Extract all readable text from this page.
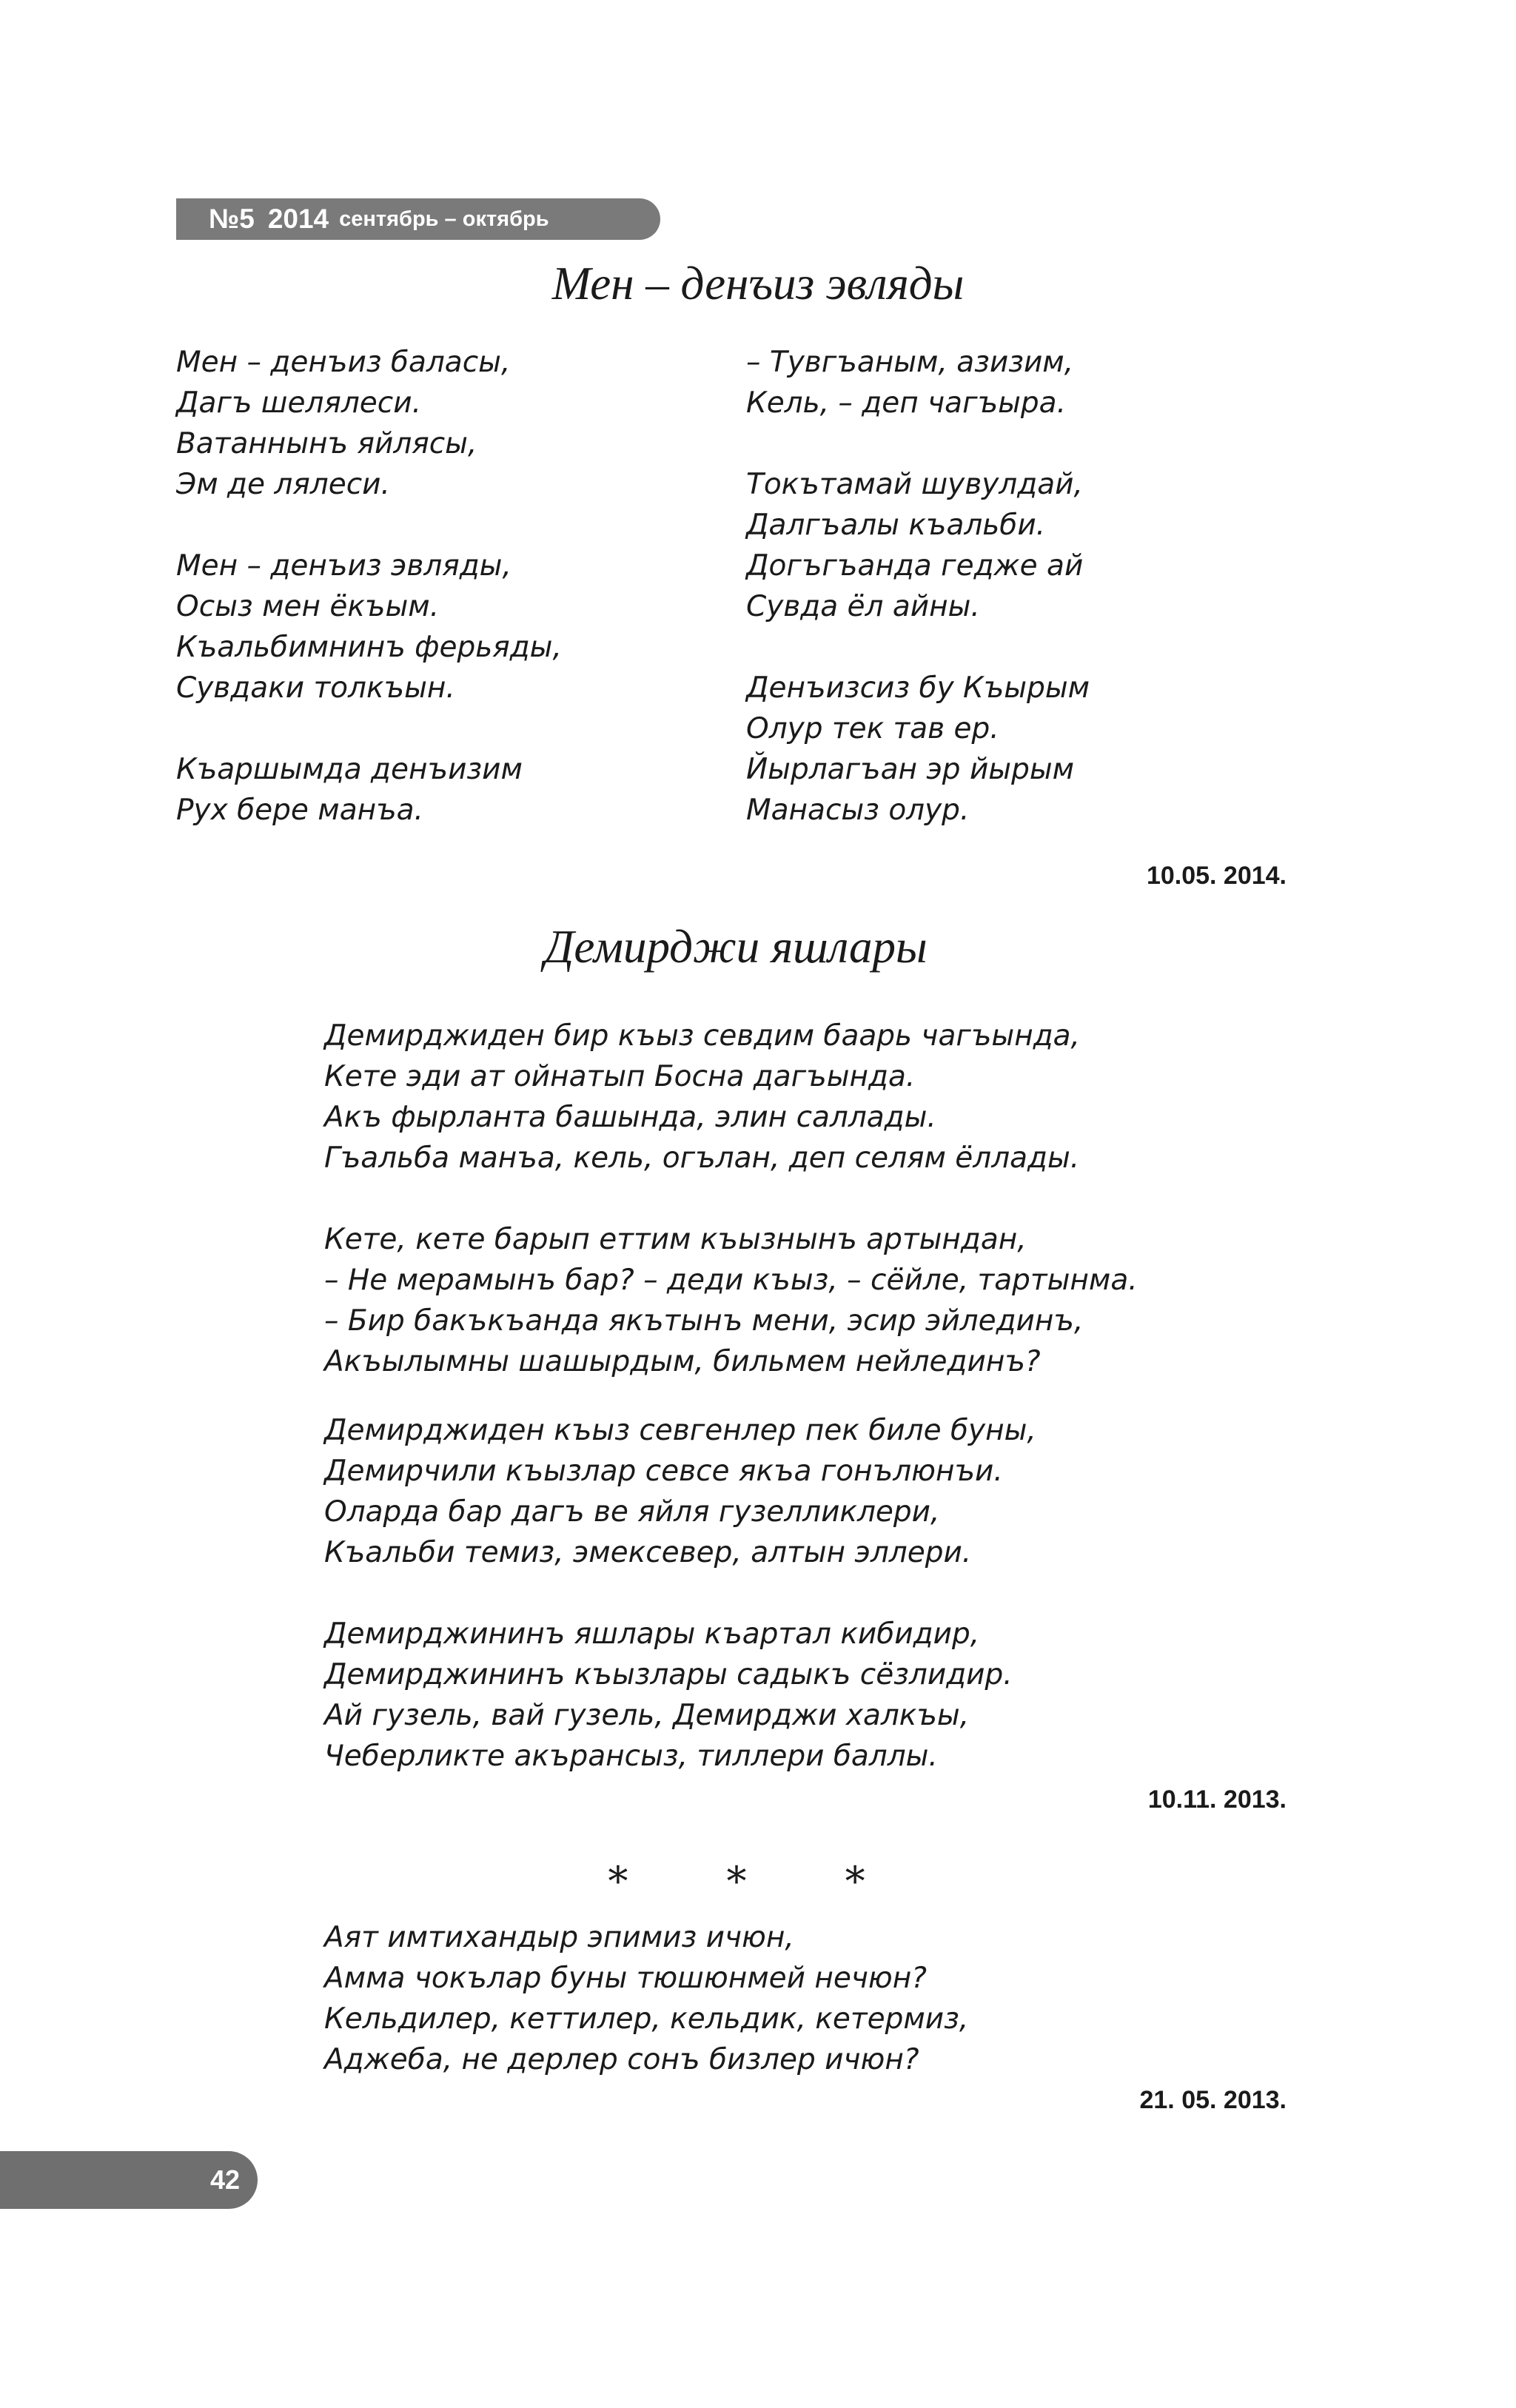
№5 2014 сентябрь – октябрь
Мен – денъиз эвляды
Мен – денъиз баласы,
Дагъ шелялеси.
Ватаннынъ яйлясы,
Эм де лялеси.
Мен – денъиз эвляды,
Осыз мен ёкъым.
Къальбимнинъ ферьяды,
Сувдаки толкъын.
Къаршымда денъизим
Рух бере манъа.
– Тувгъаным, азизим,
Кель, – деп чагъыра.
Токътамай шувулдай,
Далгъалы къальби.
Догъгъанда гедже ай
Сувда ёл айны.
Денъизсиз бу Къырым
Олур тек тав ер.
Йырлагъан эр йырым
Манасыз олур.
10.05. 2014.
Демирджи яшлары
Демирджиден бир къыз севдим баарь чагъында,
Кете эди ат ойнатып Босна дагъында.
Акъ фырланта башында, элин саллады.
Гъальба манъа, кель, огълан, деп селям ёллады.
Кете, кете барып еттим къызнынъ артындан,
– Не мерамынъ бар? – деди къыз, – сёйле, тартынма.
– Бир бакъкъанда якътынъ мени, эсир эйлединъ,
Акъылымны шашырдым, бильмем нейлединъ?
Демирджиден къыз севгенлер пек биле буны,
Демирчили къызлар севсе якъа гонълюнъи.
Оларда бар дагъ ве яйля гузелликлери,
Къальби темиз, эмексевер, алтын эллери.
Демирджининъ яшлары къартал кибидир,
Демирджининъ къызлары садыкъ сёзлидир.
Ай гузель, вай гузель, Демирджи халкъы,
Чеберликте акърансыз, тиллери баллы.
10.11. 2013.
* * *
Аят имтихандыр эпимиз ичюн,
Амма чокълар буны тюшюнмей нечюн?
Кельдилер, кеттилер, кельдик, кетермиз,
Аджеба, не дерлер сонъ бизлер ичюн?
21. 05. 2013.
42
